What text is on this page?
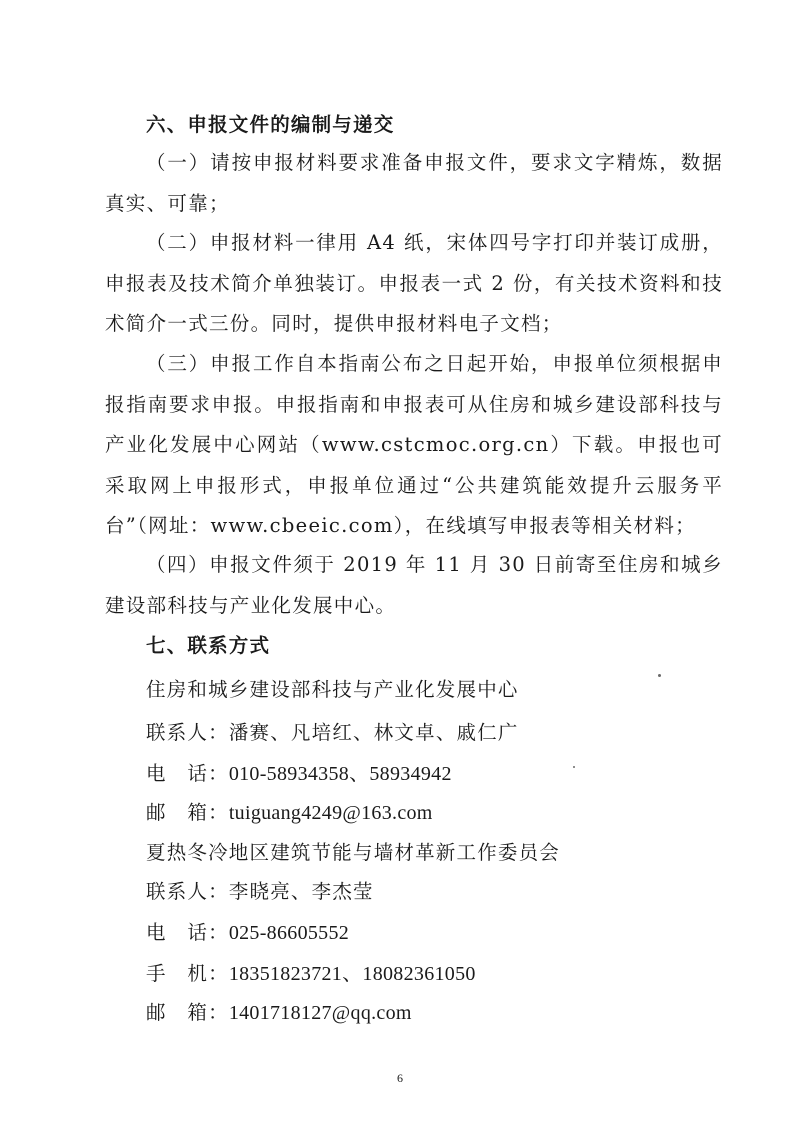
六、申报文件的编制与递交

（一）请按申报材料要求准备申报文件，要求文字精炼，数据真实、可靠；

（二）申报材料一律用 A4 纸，宋体四号字打印并装订成册，申报表及技术简介单独装订。申报表一式 2 份，有关技术资料和技术简介一式三份。同时，提供申报材料电子文档；

（三）申报工作自本指南公布之日起开始，申报单位须根据申报指南要求申报。申报指南和申报表可从住房和城乡建设部科技与产业化发展中心网站（www.cstcmoc.org.cn）下载。申报也可采取网上申报形式，申报单位通过“公共建筑能效提升云服务平台”（网址：www.cbeeic.com），在线填写申报表等相关材料；

（四）申报文件须于 2019 年 11 月 30 日前寄至住房和城乡建设部科技与产业化发展中心。

七、联系方式
住房和城乡建设部科技与产业化发展中心
联系人：潘赛、凡培红、林文卓、戚仁广
电　话：010-58934358、58934942
邮　箱：tuiguang4249@163.com
夏热冬冷地区建筑节能与墙材革新工作委员会
联系人：李晓亮、李杰莹
电　话：025-86605552
手　机：18351823721、18082361050
邮　箱：1401718127@qq.com
6
